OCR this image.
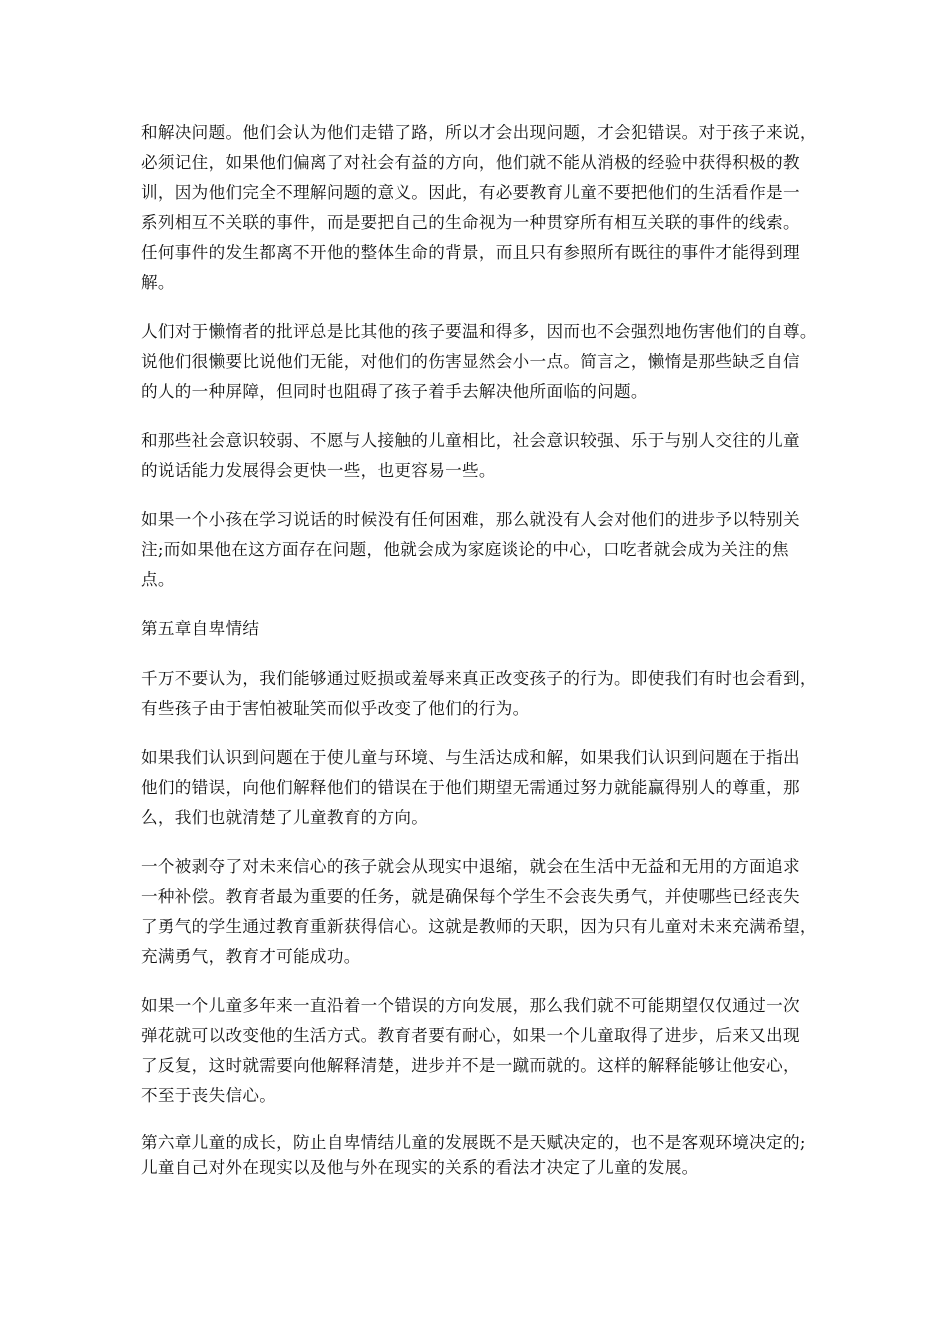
和解决问题。他们会认为他们走错了路，所以才会出现问题，才会犯错误。对于孩子来说，
必须记住，如果他们偏离了对社会有益的方向，他们就不能从消极的经验中获得积极的教
训，因为他们完全不理解问题的意义。因此，有必要教育儿童不要把他们的生活看作是一
系列相互不关联的事件，而是要把自己的生命视为一种贯穿所有相互关联的事件的线索。
任何事件的发生都离不开他的整体生命的背景，而且只有参照所有既往的事件才能得到理
解。

人们对于懒惰者的批评总是比其他的孩子要温和得多，因而也不会强烈地伤害他们的自尊。
说他们很懒要比说他们无能，对他们的伤害显然会小一点。简言之，懒惰是那些缺乏自信
的人的一种屏障，但同时也阻碍了孩子着手去解决他所面临的问题。

和那些社会意识较弱、不愿与人接触的儿童相比，社会意识较强、乐于与别人交往的儿童
的说话能力发展得会更快一些，也更容易一些。

如果一个小孩在学习说话的时候没有任何困难，那么就没有人会对他们的进步予以特别关
注;而如果他在这方面存在问题，他就会成为家庭谈论的中心，口吃者就会成为关注的焦
点。

第五章自卑情结

千万不要认为，我们能够通过贬损或羞辱来真正改变孩子的行为。即使我们有时也会看到，
有些孩子由于害怕被耻笑而似乎改变了他们的行为。

如果我们认识到问题在于使儿童与环境、与生活达成和解，如果我们认识到问题在于指出
他们的错误，向他们解释他们的错误在于他们期望无需通过努力就能赢得别人的尊重，那
么，我们也就清楚了儿童教育的方向。

一个被剥夺了对未来信心的孩子就会从现实中退缩，就会在生活中无益和无用的方面追求
一种补偿。教育者最为重要的任务，就是确保每个学生不会丧失勇气，并使哪些已经丧失
了勇气的学生通过教育重新获得信心。这就是教师的天职，因为只有儿童对未来充满希望，
充满勇气，教育才可能成功。

如果一个儿童多年来一直沿着一个错误的方向发展，那么我们就不可能期望仅仅通过一次
弹花就可以改变他的生活方式。教育者要有耐心，如果一个儿童取得了进步，后来又出现
了反复，这时就需要向他解释清楚，进步并不是一蹴而就的。这样的解释能够让他安心，
不至于丧失信心。

第六章儿童的成长，防止自卑情结儿童的发展既不是天赋决定的，也不是客观环境决定的;
儿童自己对外在现实以及他与外在现实的关系的看法才决定了儿童的发展。
